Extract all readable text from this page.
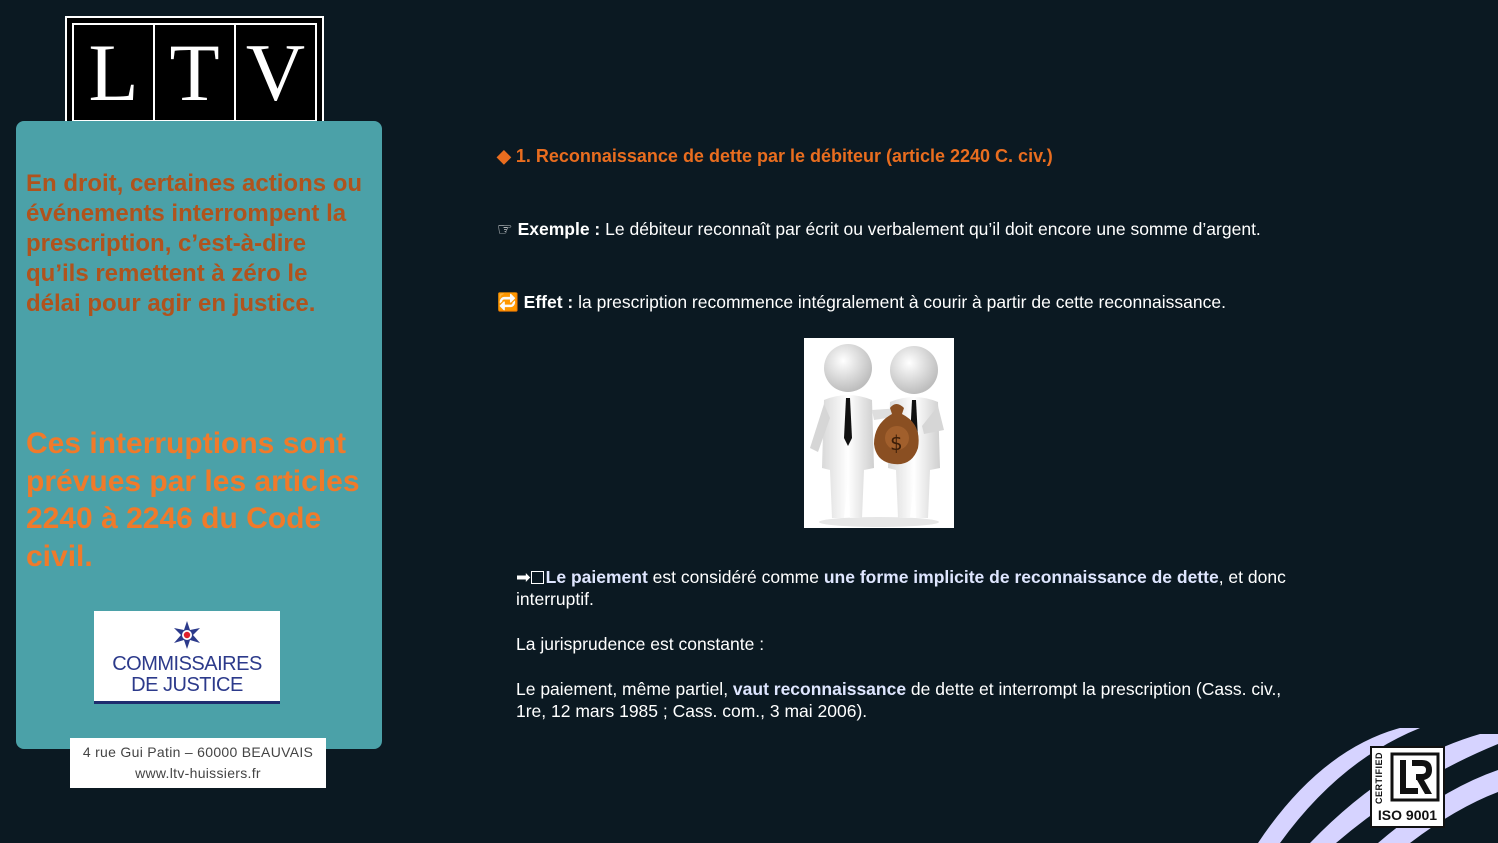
L T V
En droit, certaines actions ou événements interrompent la prescription, c’est-à-dire qu’ils remettent à zéro le délai pour agir en justice.
Ces interruptions sont prévues par les articles 2240 à 2246 du Code civil.
COMMISSAIRES
DE JUSTICE
4 rue Gui Patin – 60000 BEAUVAIS
www.ltv-huissiers.fr
◆ 1. Reconnaissance de dette par le débiteur (article 2240 C. civ.)
☞ Exemple : Le débiteur reconnaît par écrit ou verbalement qu’il doit encore une somme d’argent.
🔁 Effet : la prescription recommence intégralement à courir à partir de cette reconnaissance.
$
➡ Le paiement est considéré comme une forme implicite de reconnaissance de dette, et donc interruptif.
La jurisprudence est constante :
Le paiement, même partiel, vaut reconnaissance de dette et interrompt la prescription (Cass. civ., 1re, 12 mars 1985 ; Cass. com., 3 mai 2006).
CERTIFIED
ISO 9001
